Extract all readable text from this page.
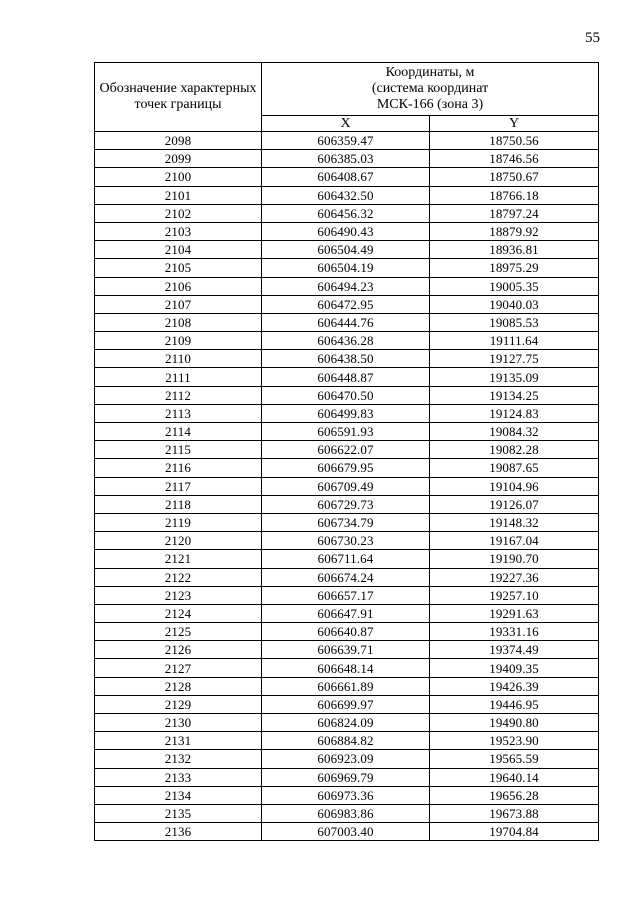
55
Обозначение характерных точек границы	Координаты, м
(система координат
МСК-166 (зона 3)	

	X	Y
2098	606359.47	18750.56
2099	606385.03	18746.56
2100	606408.67	18750.67
2101	606432.50	18766.18
2102	606456.32	18797.24
2103	606490.43	18879.92
2104	606504.49	18936.81
2105	606504.19	18975.29
2106	606494.23	19005.35
2107	606472.95	19040.03
2108	606444.76	19085.53
2109	606436.28	19111.64
2110	606438.50	19127.75
2111	606448.87	19135.09
2112	606470.50	19134.25
2113	606499.83	19124.83
2114	606591.93	19084.32
2115	606622.07	19082.28
2116	606679.95	19087.65
2117	606709.49	19104.96
2118	606729.73	19126.07
2119	606734.79	19148.32
2120	606730.23	19167.04
2121	606711.64	19190.70
2122	606674.24	19227.36
2123	606657.17	19257.10
2124	606647.91	19291.63
2125	606640.87	19331.16
2126	606639.71	19374.49
2127	606648.14	19409.35
2128	606661.89	19426.39
2129	606699.97	19446.95
2130	606824.09	19490.80
2131	606884.82	19523.90
2132	606923.09	19565.59
2133	606969.79	19640.14
2134	606973.36	19656.28
2135	606983.86	19673.88
2136	607003.40	19704.84
